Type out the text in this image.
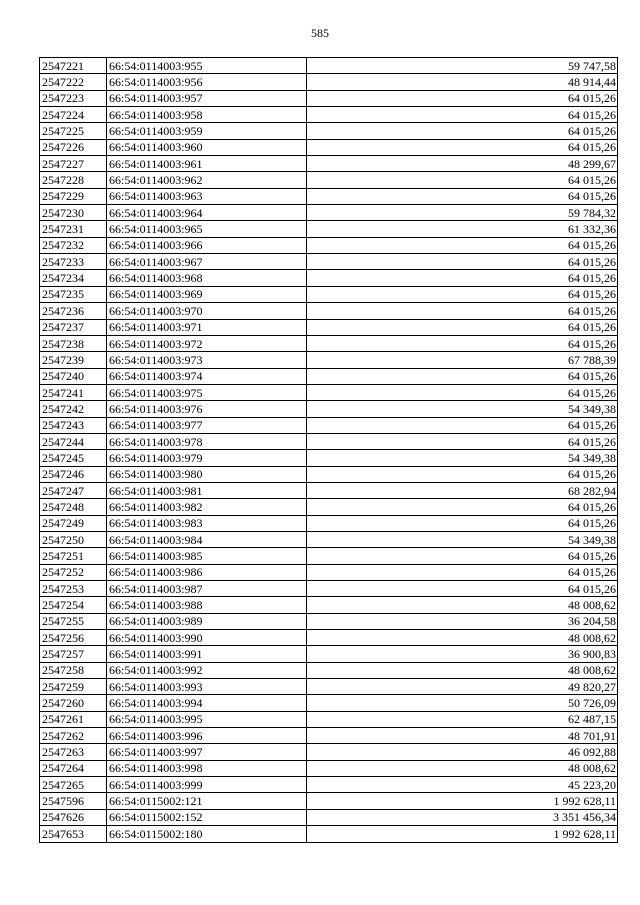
585
2547221	66:54:0114003:955	59 747,58
2547222	66:54:0114003:956	48 914,44
2547223	66:54:0114003:957	64 015,26
2547224	66:54:0114003:958	64 015,26
2547225	66:54:0114003:959	64 015,26
2547226	66:54:0114003:960	64 015,26
2547227	66:54:0114003:961	48 299,67
2547228	66:54:0114003:962	64 015,26
2547229	66:54:0114003:963	64 015,26
2547230	66:54:0114003:964	59 784,32
2547231	66:54:0114003:965	61 332,36
2547232	66:54:0114003:966	64 015,26
2547233	66:54:0114003:967	64 015,26
2547234	66:54:0114003:968	64 015,26
2547235	66:54:0114003:969	64 015,26
2547236	66:54:0114003:970	64 015,26
2547237	66:54:0114003:971	64 015,26
2547238	66:54:0114003:972	64 015,26
2547239	66:54:0114003:973	67 788,39
2547240	66:54:0114003:974	64 015,26
2547241	66:54:0114003:975	64 015,26
2547242	66:54:0114003:976	54 349,38
2547243	66:54:0114003:977	64 015,26
2547244	66:54:0114003:978	64 015,26
2547245	66:54:0114003:979	54 349,38
2547246	66:54:0114003:980	64 015,26
2547247	66:54:0114003:981	68 282,94
2547248	66:54:0114003:982	64 015,26
2547249	66:54:0114003:983	64 015,26
2547250	66:54:0114003:984	54 349,38
2547251	66:54:0114003:985	64 015,26
2547252	66:54:0114003:986	64 015,26
2547253	66:54:0114003:987	64 015,26
2547254	66:54:0114003:988	48 008,62
2547255	66:54:0114003:989	36 204,58
2547256	66:54:0114003:990	48 008,62
2547257	66:54:0114003:991	36 900,83
2547258	66:54:0114003:992	48 008,62
2547259	66:54:0114003:993	49 820,27
2547260	66:54:0114003:994	50 726,09
2547261	66:54:0114003:995	62 487,15
2547262	66:54:0114003:996	48 701,91
2547263	66:54:0114003:997	46 092,88
2547264	66:54:0114003:998	48 008,62
2547265	66:54:0114003:999	45 223,20
2547596	66:54:0115002:121	1 992 628,11
2547626	66:54:0115002:152	3 351 456,34
2547653	66:54:0115002:180	1 992 628,11
